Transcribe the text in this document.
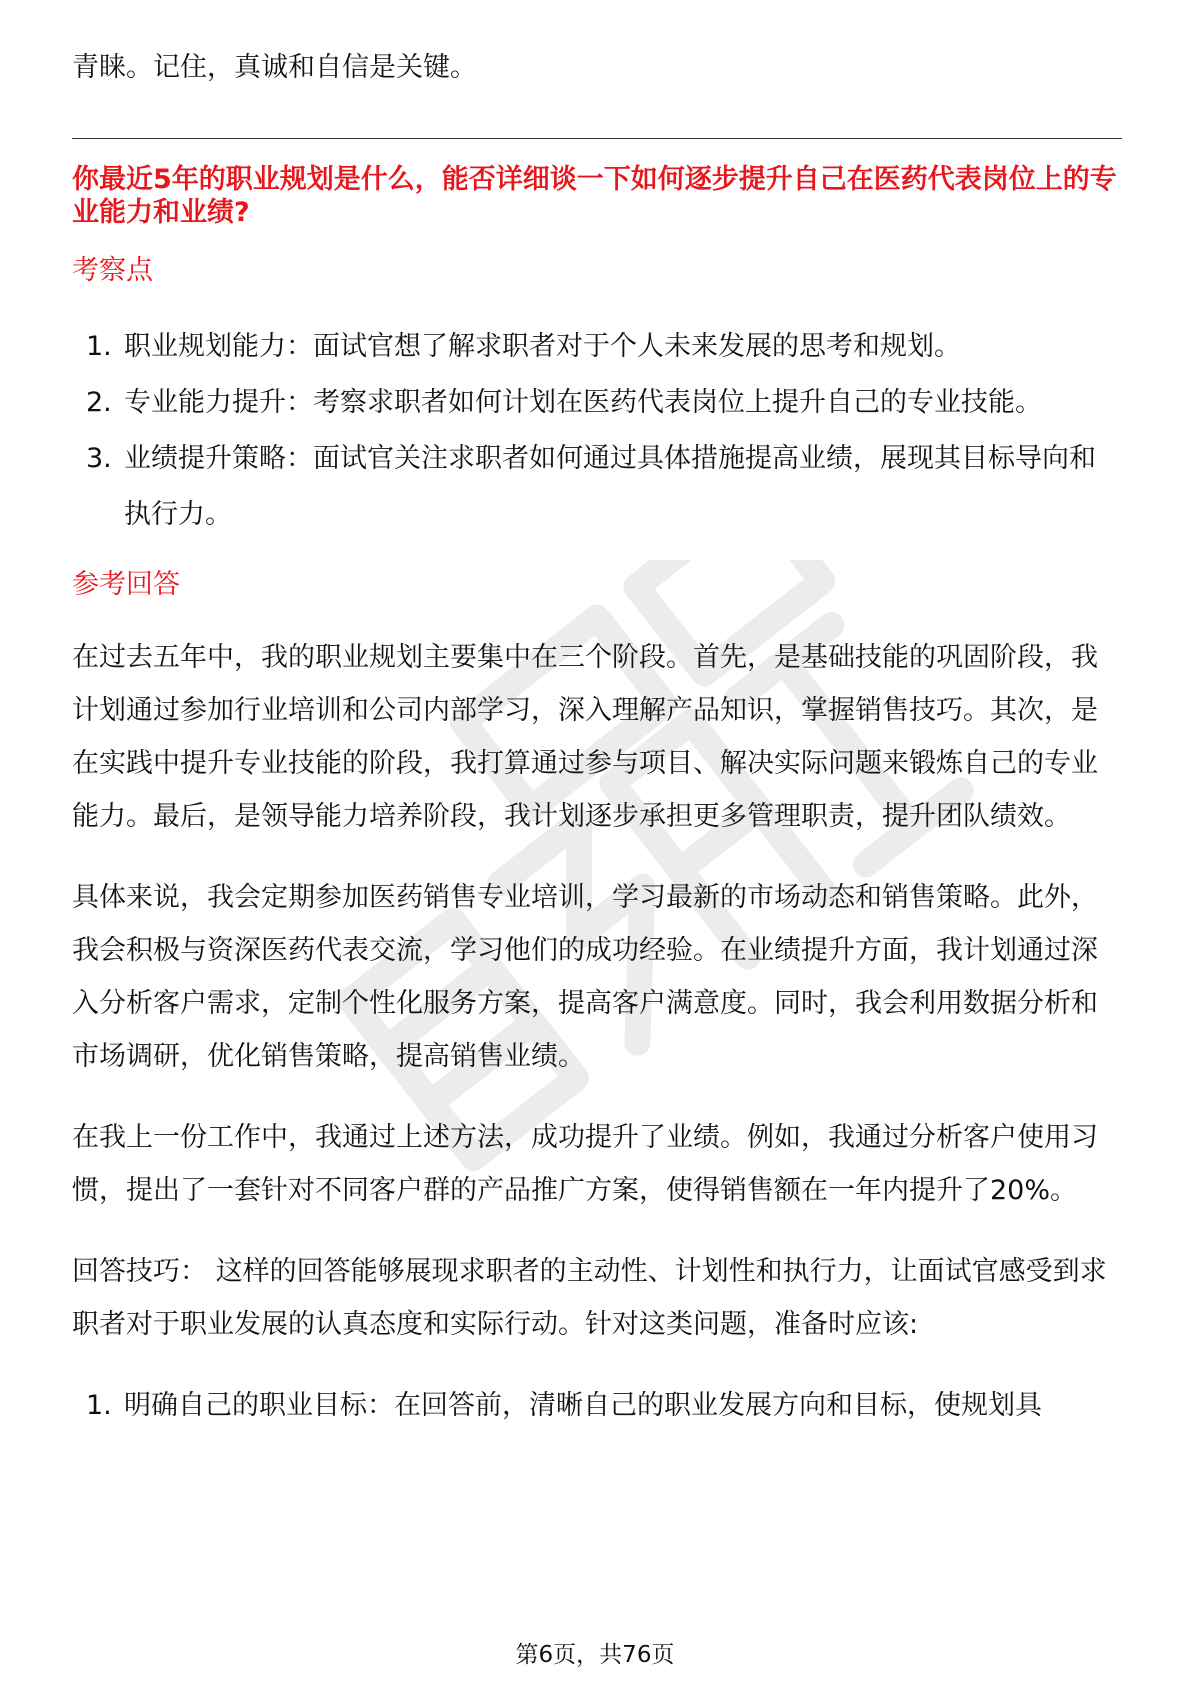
青睐。记住，真诚和自信是关键。

你最近5年的职业规划是什么，能否详细谈一下如何逐步提升自己在医药代表岗位上的专业能力和业绩?

考察点

1. 职业规划能力：面试官想了解求职者对于个人未来发展的思考和规划。
2. 专业能力提升：考察求职者如何计划在医药代表岗位上提升自己的专业技能。
3. 业绩提升策略：面试官关注求职者如何通过具体措施提高业绩，展现其目标导向和执行力。

参考回答

在过去五年中，我的职业规划主要集中在三个阶段。首先，是基础技能的巩固阶段，我计划通过参加行业培训和公司内部学习，深入理解产品知识，掌握销售技巧。其次，是在实践中提升专业技能的阶段，我打算通过参与项目、解决实际问题来锻炼自己的专业能力。最后，是领导能力培养阶段，我计划逐步承担更多管理职责，提升团队绩效。

具体来说，我会定期参加医药销售专业培训，学习最新的市场动态和销售策略。此外，我会积极与资深医药代表交流，学习他们的成功经验。在业绩提升方面，我计划通过深入分析客户需求，定制个性化服务方案，提高客户满意度。同时，我会利用数据分析和市场调研，优化销售策略，提高销售业绩。

在我上一份工作中，我通过上述方法，成功提升了业绩。例如，我通过分析客户使用习惯，提出了一套针对不同客户群的产品推广方案，使得销售额在一年内提升了20%。

回答技巧： 这样的回答能够展现求职者的主动性、计划性和执行力，让面试官感受到求职者对于职业发展的认真态度和实际行动。针对这类问题，准备时应该:

1. 明确自己的职业目标：在回答前，清晰自己的职业发展方向和目标，使规划具
第6页，共76页
